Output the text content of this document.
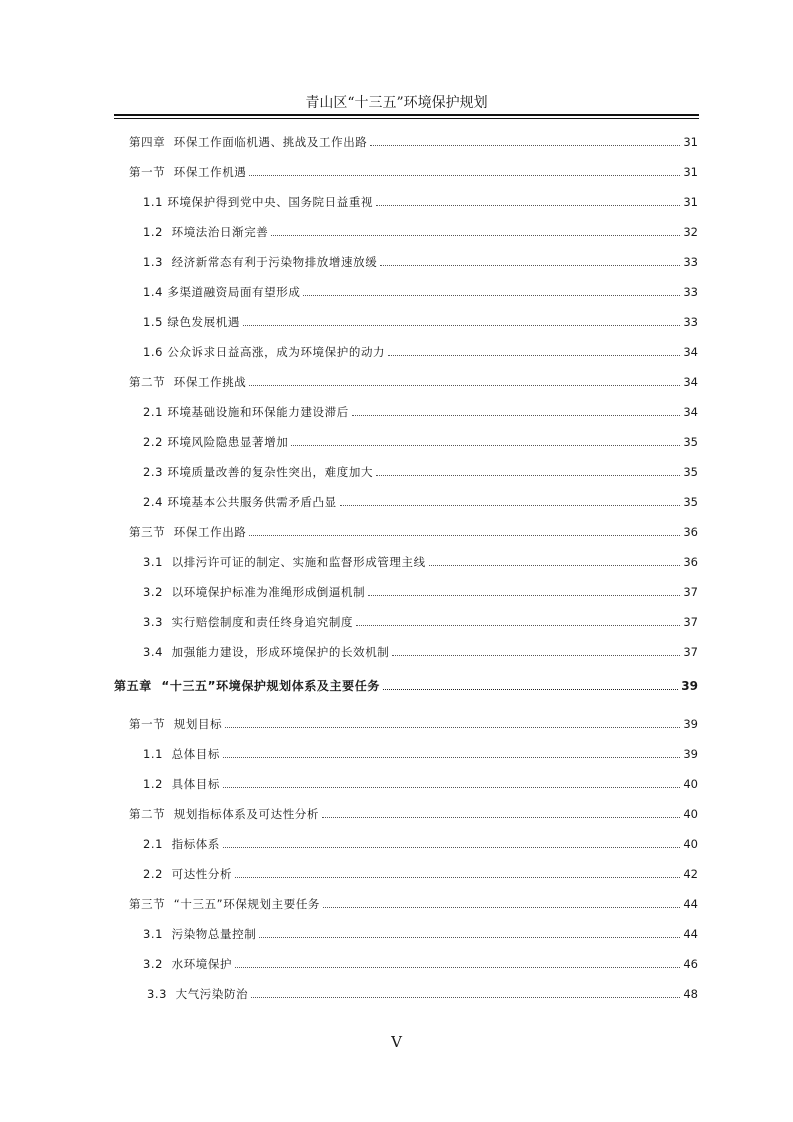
青山区“十三五”环境保护规划
第四章  环保工作面临机遇、挑战及工作出路	31
第一节  环保工作机遇	31
1.1 环境保护得到党中央、国务院日益重视	31
1.2  环境法治日渐完善	32
1.3  经济新常态有利于污染物排放增速放缓	33
1.4 多渠道融资局面有望形成	33
1.5 绿色发展机遇	33
1.6 公众诉求日益高涨，成为环境保护的动力	34
第二节  环保工作挑战	34
2.1 环境基础设施和环保能力建设滞后	34
2.2 环境风险隐患显著增加	35
2.3 环境质量改善的复杂性突出，难度加大	35
2.4 环境基本公共服务供需矛盾凸显	35
第三节  环保工作出路	36
3.1  以排污许可证的制定、实施和监督形成管理主线	36
3.2  以环境保护标准为准绳形成倒逼机制	37
3.3  实行赔偿制度和责任终身追究制度	37
3.4  加强能力建设，形成环境保护的长效机制	37
第五章  “十三五”环境保护规划体系及主要任务	39
第一节  规划目标	39
1.1  总体目标	39
1.2  具体目标	40
第二节  规划指标体系及可达性分析	40
2.1  指标体系	40
2.2  可达性分析	42
第三节  “十三五”环保规划主要任务	44
3.1  污染物总量控制	44
3.2  水环境保护	46
3.3  大气污染防治	48
V
